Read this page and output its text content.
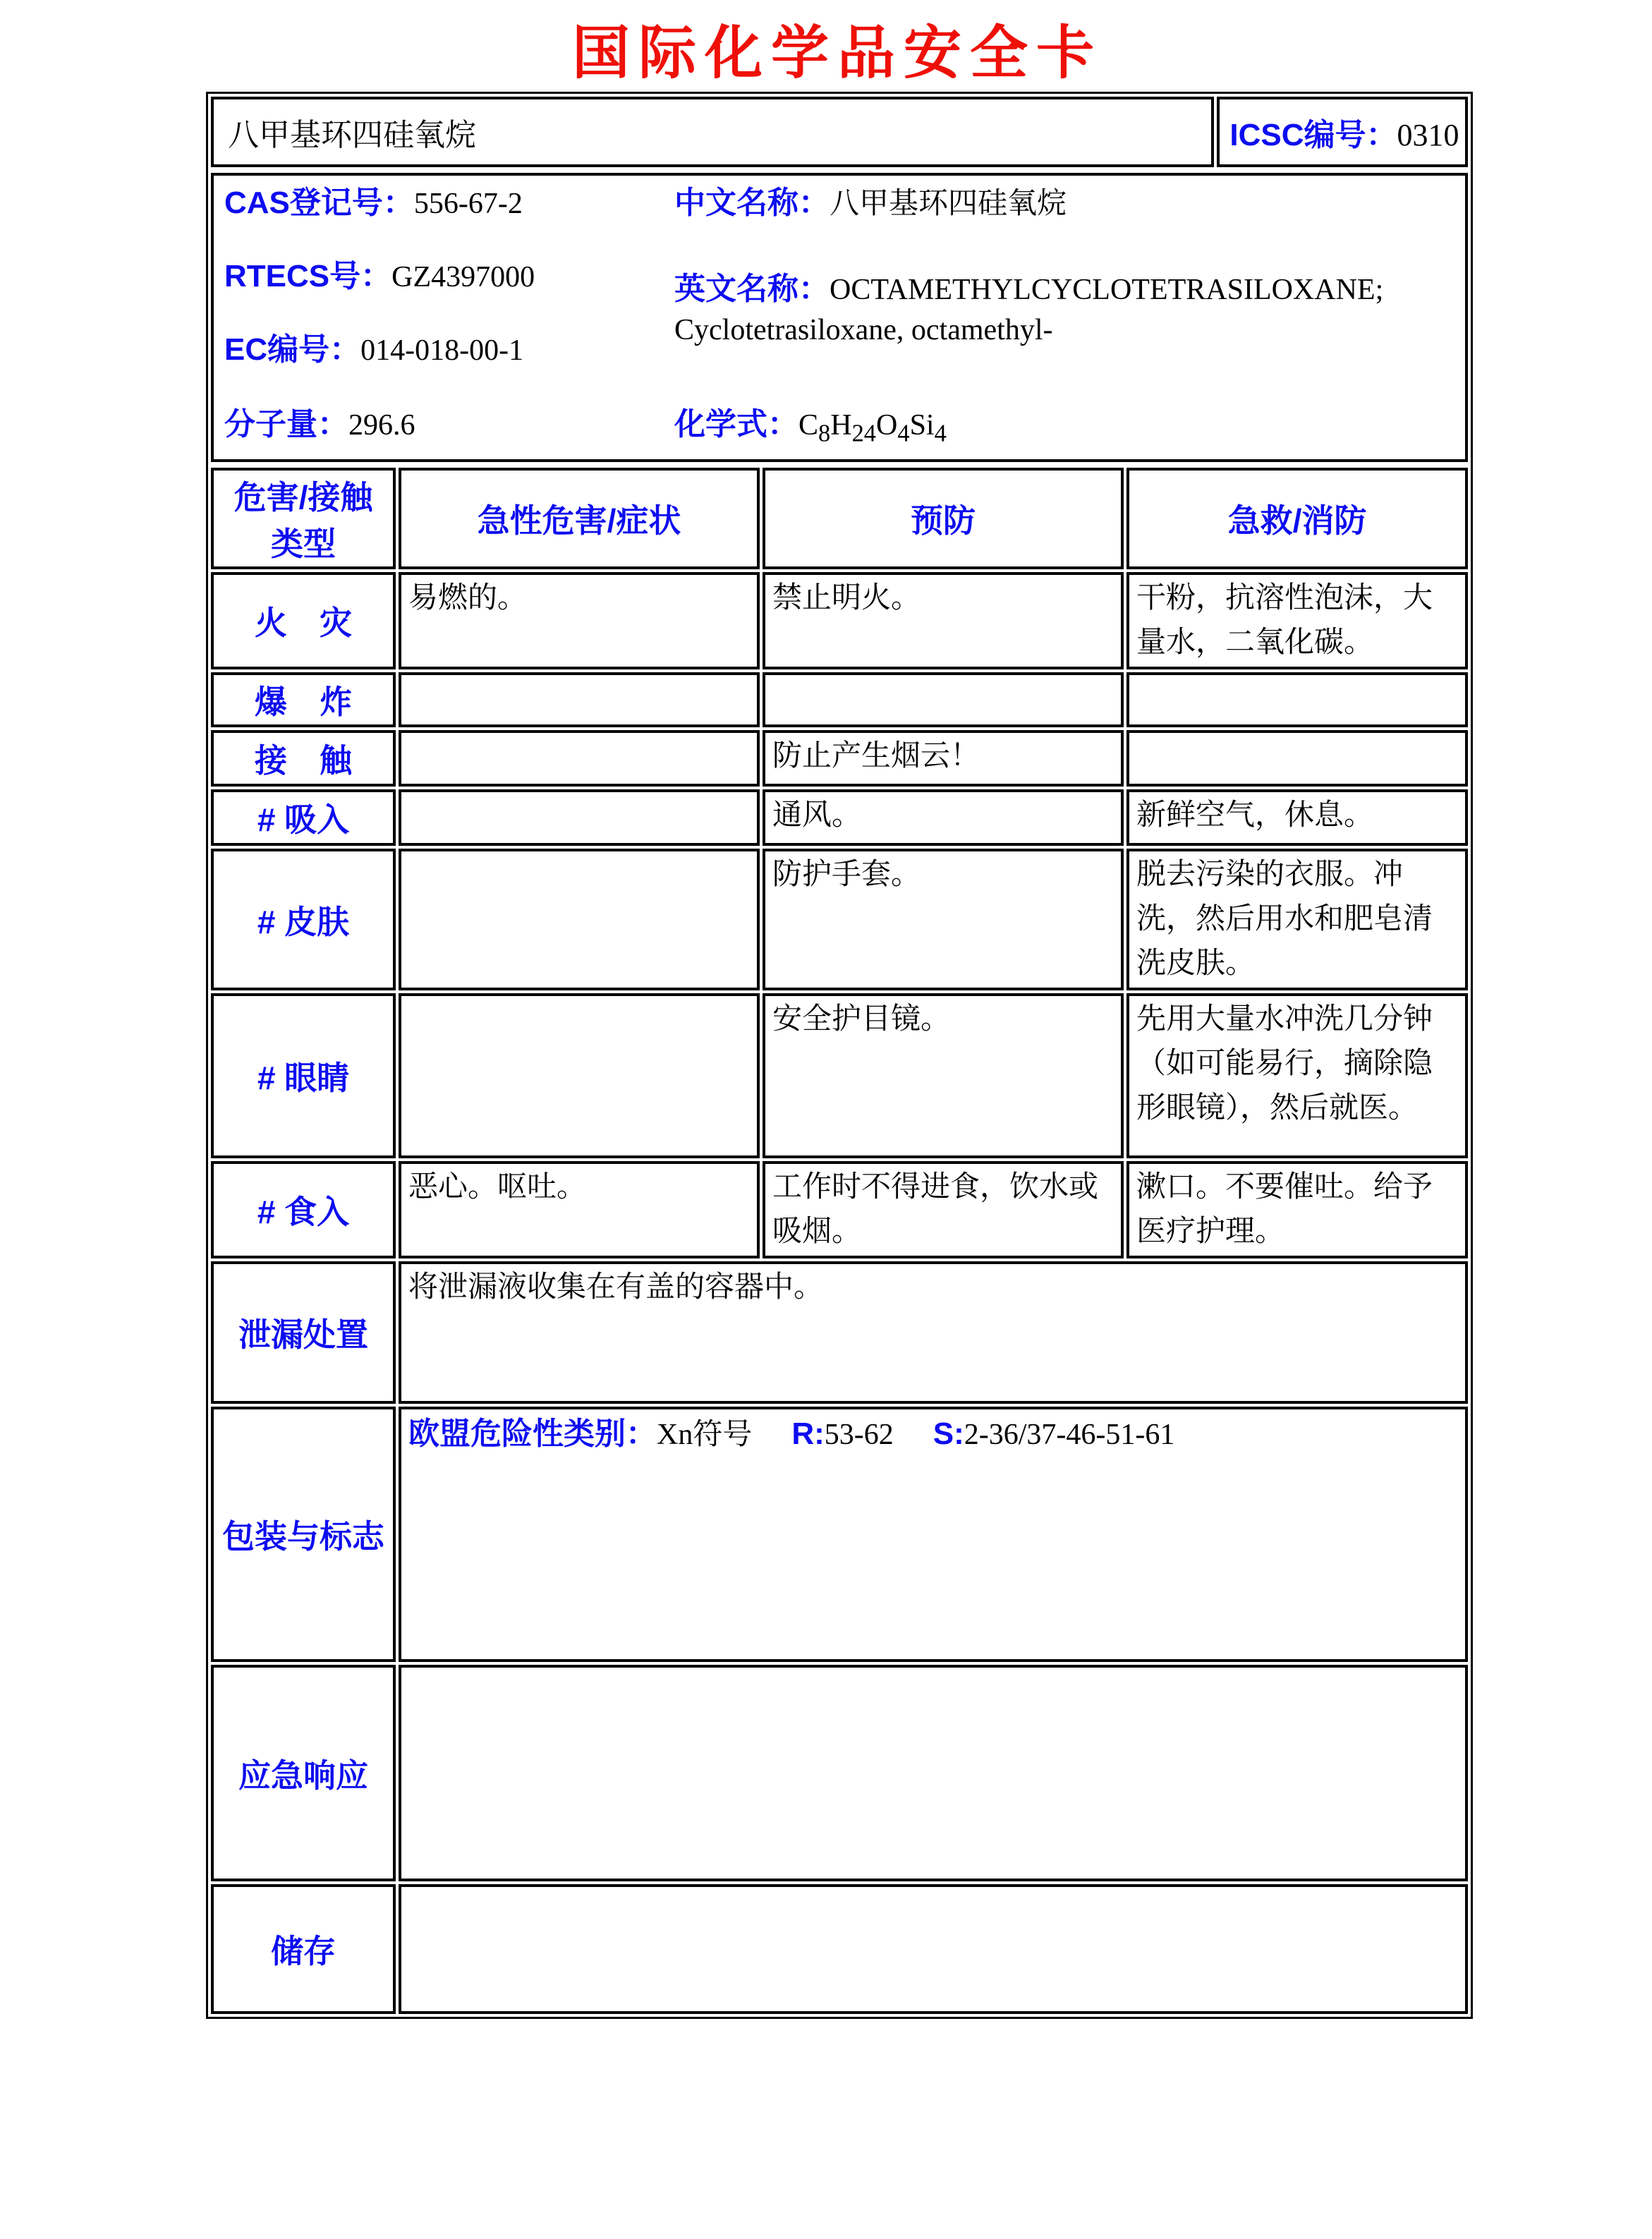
国际化学品安全卡
八甲基环四硅氧烷	ICSC编号：0310
CAS登记号：556-67-2
RTECS号：GZ4397000
EC编号：014-018-00-1
分子量：296.6
中文名称：八甲基环四硅氧烷
英文名称：OCTAMETHYLCYCLOTETRASILOXANE; Cyclotetrasiloxane, octamethyl-
化学式：$C_8H_{24}O_4Si_4$
危害/接触类型	急性危害/症状	预防	急救/消防
火　灾	易燃的。	禁止明火。	干粉，抗溶性泡沫，大量水，二氧化碳。
爆　炸			
接　触		防止产生烟云！	
# 吸入		通风。	新鲜空气，休息。
# 皮肤		防护手套。	脱去污染的衣服。冲洗，然后用水和肥皂清洗皮肤。
# 眼睛		安全护目镜。	先用大量水冲洗几分钟（如可能易行，摘除隐形眼镜），然后就医。
# 食入	恶心。呕吐。	工作时不得进食，饮水或吸烟。	漱口。不要催吐。给予医疗护理。
泄漏处置	将泄漏液收集在有盖的容器中。		
包装与标志	欧盟危险性类别：Xn符号 R:53-62 S:2-36/37-46-51-61		
应急响应			
储存			
